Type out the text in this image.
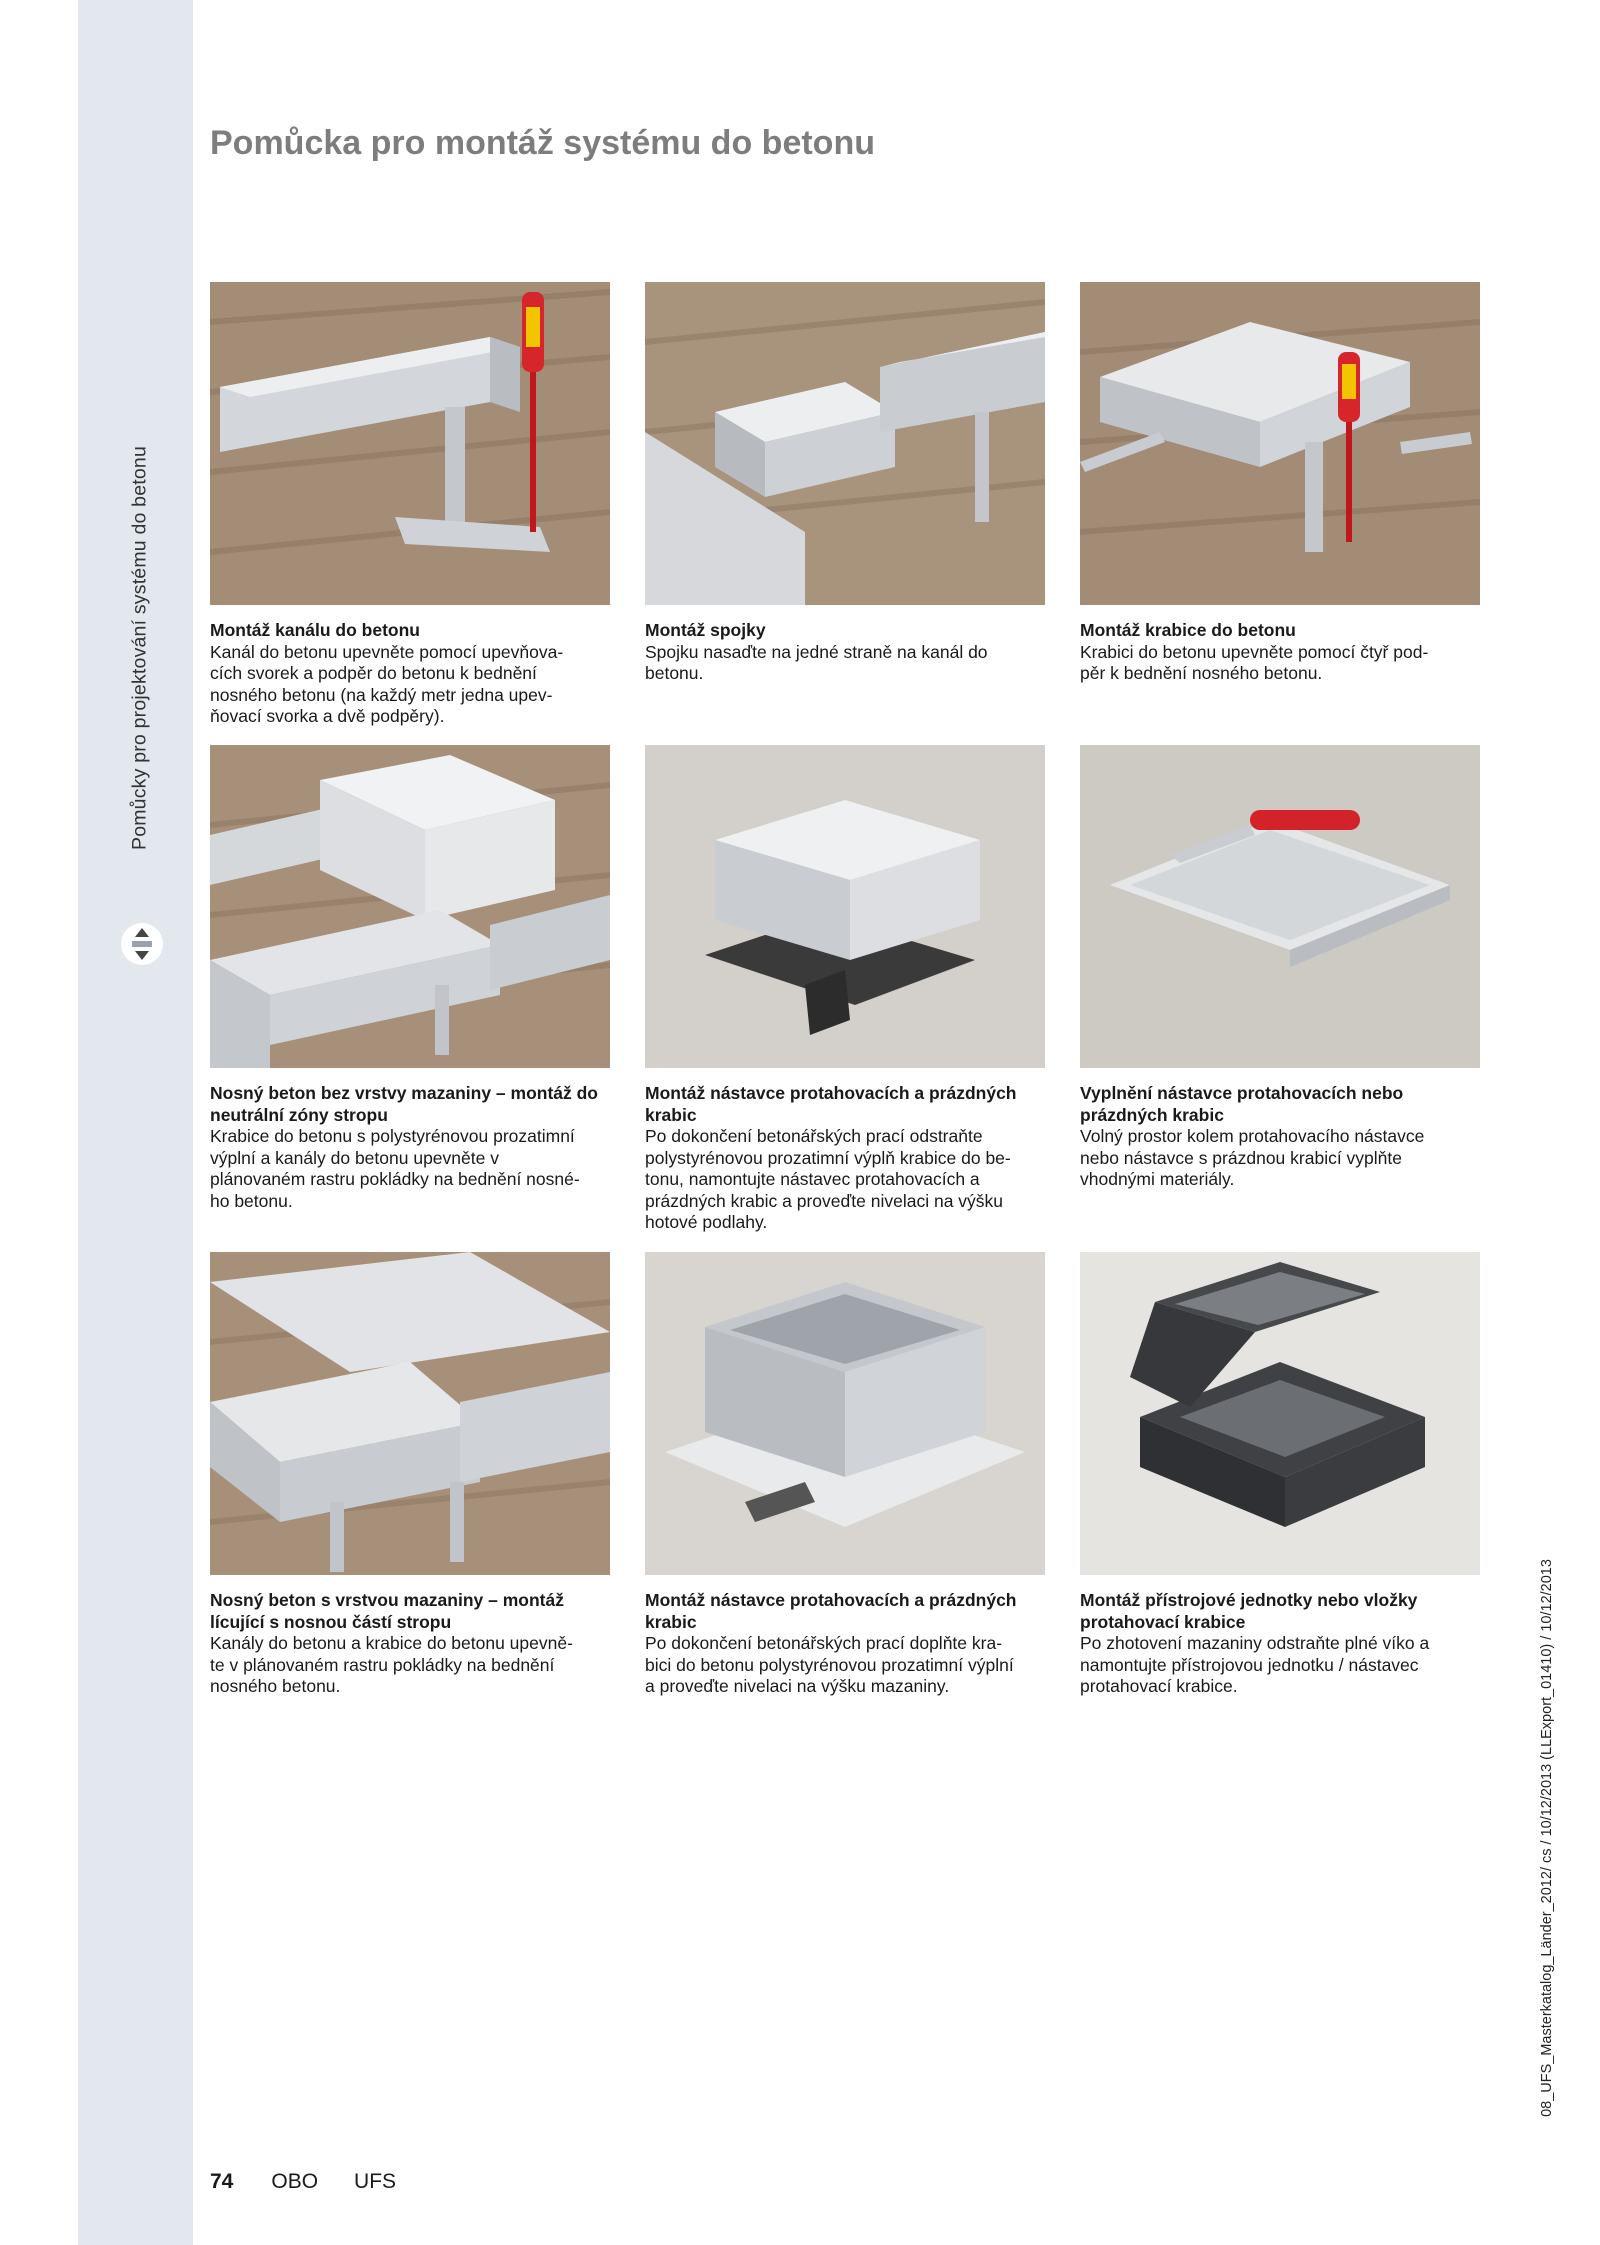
Pomůcky pro projektování systému do betonu
Pomůcka pro montáž systému do betonu
Montáž kanálu do betonu
Kanál do betonu upevněte pomocí upevňova-
cích svorek a podpěr do betonu k bednění
nosného betonu (na každý metr jedna upev-
ňovací svorka a dvě podpěry).
Montáž spojky
Spojku nasaďte na jedné straně na kanál do
betonu.
Montáž krabice do betonu
Krabici do betonu upevněte pomocí čtyř pod-
pěr k bednění nosného betonu.
Nosný beton bez vrstvy mazaniny – montáž do neutrální zóny stropu
Krabice do betonu s polystyrénovou prozatimní
výplní a kanály do betonu upevněte v
plánovaném rastru pokládky na bednění nosné-
ho betonu.
Montáž nástavce protahovacích a prázdných krabic
Po dokončení betonářských prací odstraňte
polystyrénovou prozatimní výplň krabice do be-
tonu, namontujte nástavec protahovacích a
prázdných krabic a proveďte nivelaci na výšku
hotové podlahy.
Vyplnění nástavce protahovacích nebo prázdných krabic
Volný prostor kolem protahovacího nástavce
nebo nástavce s prázdnou krabicí vyplňte
vhodnými materiály.
Nosný beton s vrstvou mazaniny – montáž lícující s nosnou částí stropu
Kanály do betonu a krabice do betonu upevně-
te v plánovaném rastru pokládky na bednění
nosného betonu.
Montáž nástavce protahovacích a prázdných krabic
Po dokončení betonářských prací doplňte kra-
bici do betonu polystyrénovou prozatimní výplní
a proveďte nivelaci na výšku mazaniny.
Montáž přístrojové jednotky nebo vložky protahovací krabice
Po zhotovení mazaniny odstraňte plné víko a
namontujte přístrojovou jednotku / nástavec
protahovací krabice.
74 OBO UFS
08_UFS_Masterkatalog_Länder_2012/ cs / 10/12/2013 (LLExport_01410) / 10/12/2013
